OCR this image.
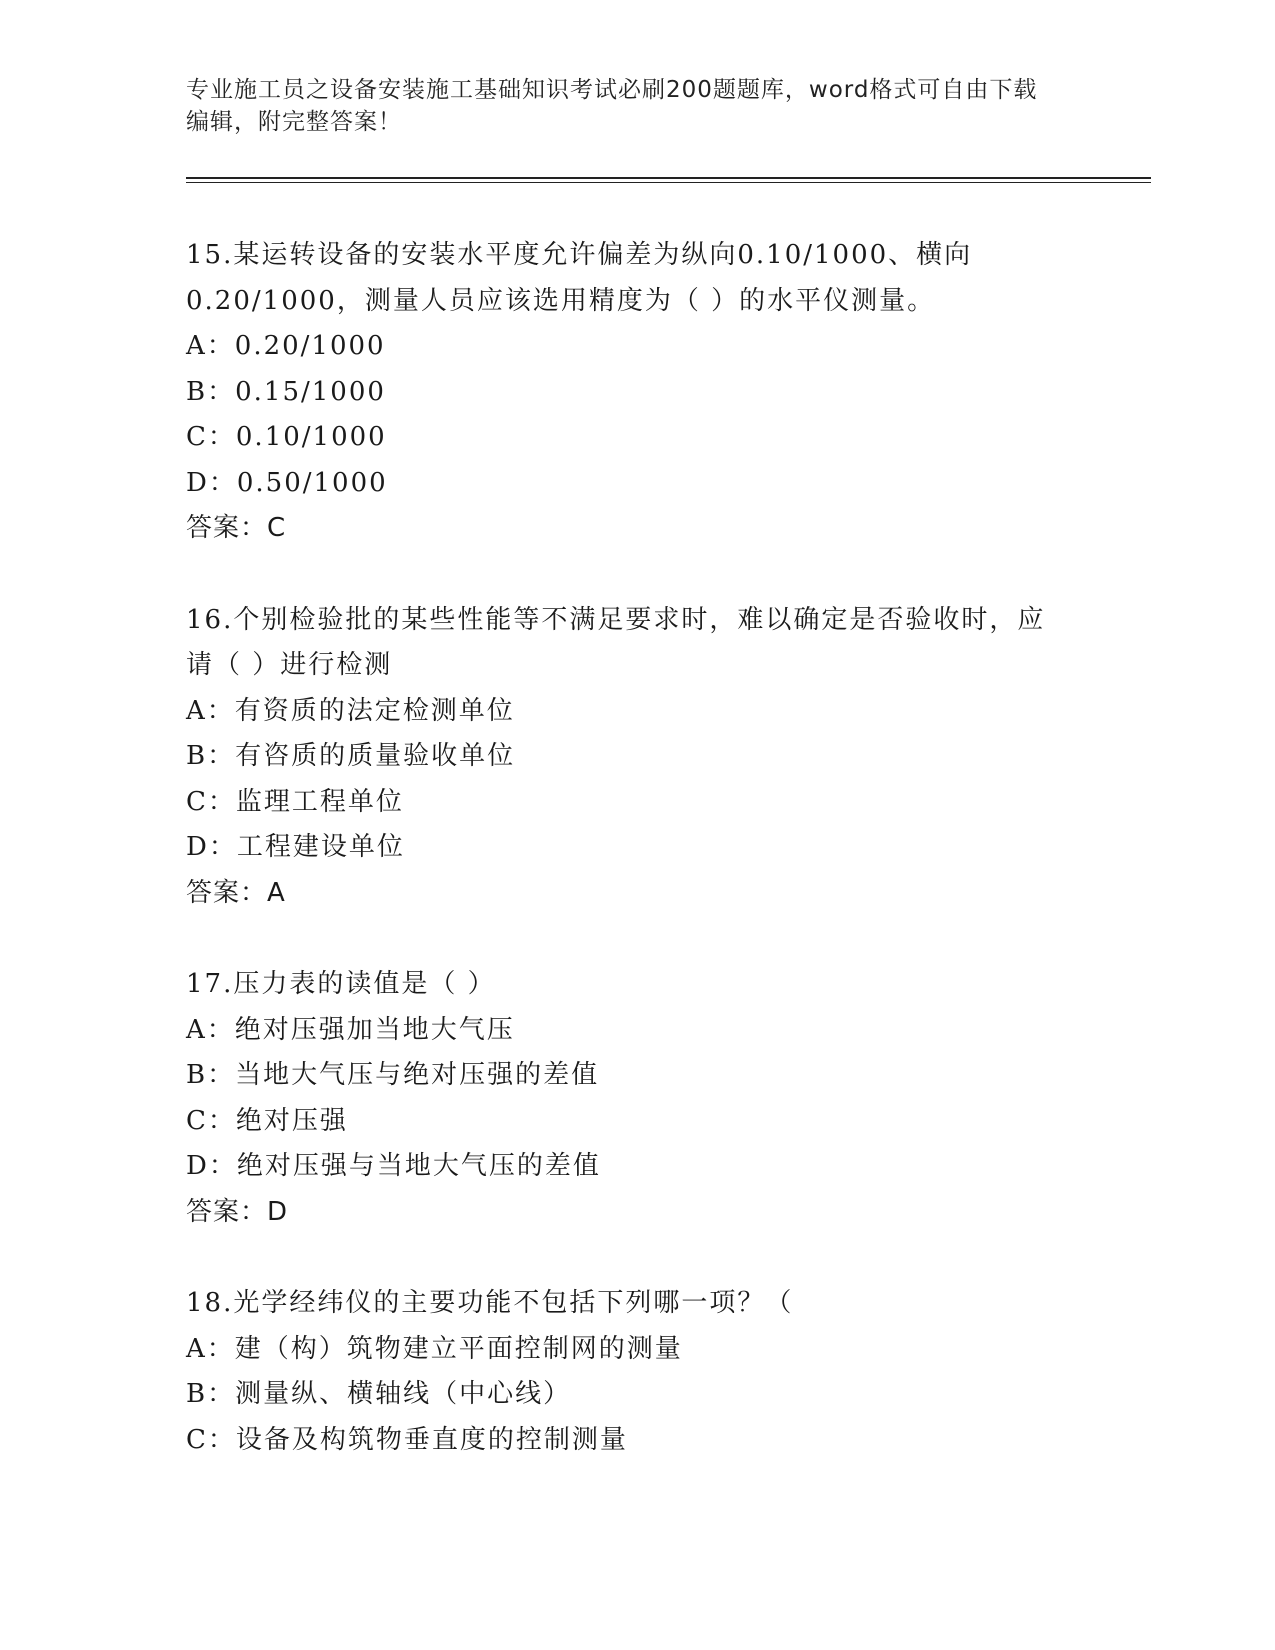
专业施工员之设备安装施工基础知识考试必刷200题题库，word格式可自由下载
编辑，附完整答案！
15.某运转设备的安装水平度允许偏差为纵向0.10/1000、横向
0.20/1000，测量人员应该选用精度为（ ）的水平仪测量。
A：0.20/1000
B：0.15/1000
C：0.10/1000
D：0.50/1000
答案：C
16.个别检验批的某些性能等不满足要求时，难以确定是否验收时，应
请（ ）进行检测
A：有资质的法定检测单位
B：有咨质的质量验收单位
C：监理工程单位
D：工程建设单位
答案：A
17.压力表的读值是（ ）
A：绝对压强加当地大气压
B：当地大气压与绝对压强的差值
C：绝对压强
D：绝对压强与当地大气压的差值
答案：D
18.光学经纬仪的主要功能不包括下列哪一项？（
A：建（构）筑物建立平面控制网的测量
B：测量纵、横轴线（中心线）
C：设备及构筑物垂直度的控制测量
